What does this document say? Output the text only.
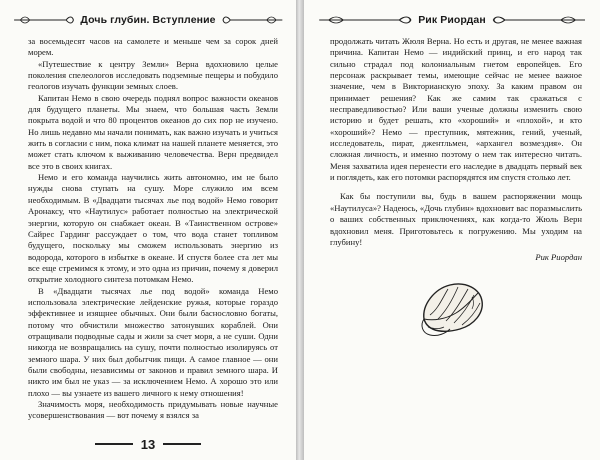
Дочь глубин. Вступление

за восемьдесят часов на самолете и меньше чем за сорок дней морем.

«Путешествие к центру Земли» Верна вдохновило целые поколения спелеологов исследовать подземные пещеры и побудило геологов изучать функции земных слоев.

Капитан Немо в свою очередь поднял вопрос важности океанов для будущего планеты. Мы знаем, что большая часть Земли покрыта водой и что 80 процентов океанов до сих пор не изучено. Но лишь недавно мы начали понимать, как важно изучать и учиться жить в согласии с ним, пока климат на нашей планете меняется, это может стать ключом к выживанию человечества. Верн предвидел все это в своих книгах.

Немо и его команда научились жить автономно, им не было нужды снова ступать на сушу. Море служило им всем необходимым. В «Двадцати тысячах лье под водой» Немо говорит Аронаксу, что «Наутилус» работает полностью на электрической энергии, которую он снабжает океан. В «Таинственном острове» Сайрес Гардинг рассуждает о том, что вода станет топливом будущего, поскольку мы сможем использовать энергию из водорода, которого в избытке в океане. И спустя более ста лет мы все еще стремимся к этому, и это одна из причин, почему я доверил открытие холодного синтеза потомкам Немо.

В «Двадцати тысячах лье под водой» команда Немо использовала электрические лейденские ружья, которые гораздо эффективнее и изящнее обычных. Они были баснословно богаты, потому что обчистили множество затонувших кораблей. Они отращивали подводные сады и жили за счет моря, а не суши. Одни никогда не возвращались на сушу, почти полностью изолируясь от земного шара. У них был добытчик пищи. А самое главное — они были свободны, независимы от законов и правил земного шара. И никто им был не указ — за исключением Немо. А хорошо это или плохо — вы узнаете из вашего личного к нему отношения!

Значимость моря, необходимость придумывать новые научные усовершенствования — вот почему я взялся за

13
Рик Риордан

продолжать читать Жюля Верна. Но есть и другая, не менее важная причина. Капитан Немо — индийский принц, и его народ так сильно страдал под колониальным гнетом европейцев. Его персонаж раскрывает темы, имеющие сейчас не менее важное значение, чем в Викторианскую эпоху. За каким правом он принимает решения? Как же самим так сражаться с несправедливостью? Или ваши ученые должны изменить свою историю и будет решать, кто «хороший» и «плохой», и кто «хороший»? Немо — преступник, мятежник, гений, ученый, исследователь, пират, джентльмен, «архангел возмездия». Он сложная личность, и именно поэтому о нем так интересно читать. Меня захватила идея перенести его наследие в двадцать первый век и поглядеть, как его потомки распорядятся им спустя столько лет.

Как бы поступили вы, будь в вашем распоряжении мощь «Наутилуса»? Надеюсь, «Дочь глубин» вдохновит вас поразмыслить о ваших собственных приключениях, как когда-то Жюль Верн вдохновил меня. Приготовьтесь к погружению. Мы уходим на глубину!

Рик Риордан
